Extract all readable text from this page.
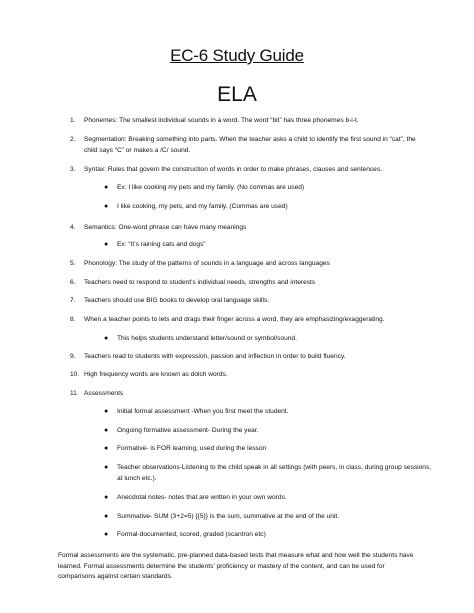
EC-6 Study Guide
ELA
1. Phonemes: The smallest individual sounds in a word. The word “bit” has three phonemes b-i-t.
2. Segmentation: Breaking something into parts. When the teacher asks a child to identify the first sound in “cat”, the child says “C” or makes a /C/ sound.
3. Syntax: Rules that govern the construction of words in order to make phrases, clauses and sentences.
● Ex: I like cooking my pets and my family. (No commas are used)
● I like cooking, my pets, and my family. (Commas are used)
4. Semantics: One-word phrase can have many meanings
● Ex: “It’s raining cats and dogs”
5. Phonology: The study of the patterns of sounds in a language and across languages
6. Teachers need to respond to student’s individual needs, strengths and interests
7. Teachers should use BIG books to develop oral language skills.
8. When a teacher points to lets and drags their finger across a word, they are emphasizing/exaggerating.
● This helps students understand letter/sound or symbol/sound.
9. Teachers read to students with expression, passion and inflection in order to build fluency.
10. High frequency words are known as dolch words.
11. Assessments
● Initial formal assessment -When you first meet the student.
● Ongoing formative assessment- During the year.
● Formative- is FOR learning, used during the lesson
● Teacher observations-Listening to the child speak in all settings (with peers, in class, during group sessions, at lunch etc.).
● Anecdotal notes- notes that are written in your own words.
● Summative- SUM (3+2=5) {{5}} is the sum, summative at the end of the unit.
● Formal-documented, scored, graded (scantron etc)
Formal assessments are the systematic, pre-planned data-based tests that measure what and how well the students have learned. Formal assessments determine the students’ proficiency or mastery of the content, and can be used for comparisons against certain standards.
